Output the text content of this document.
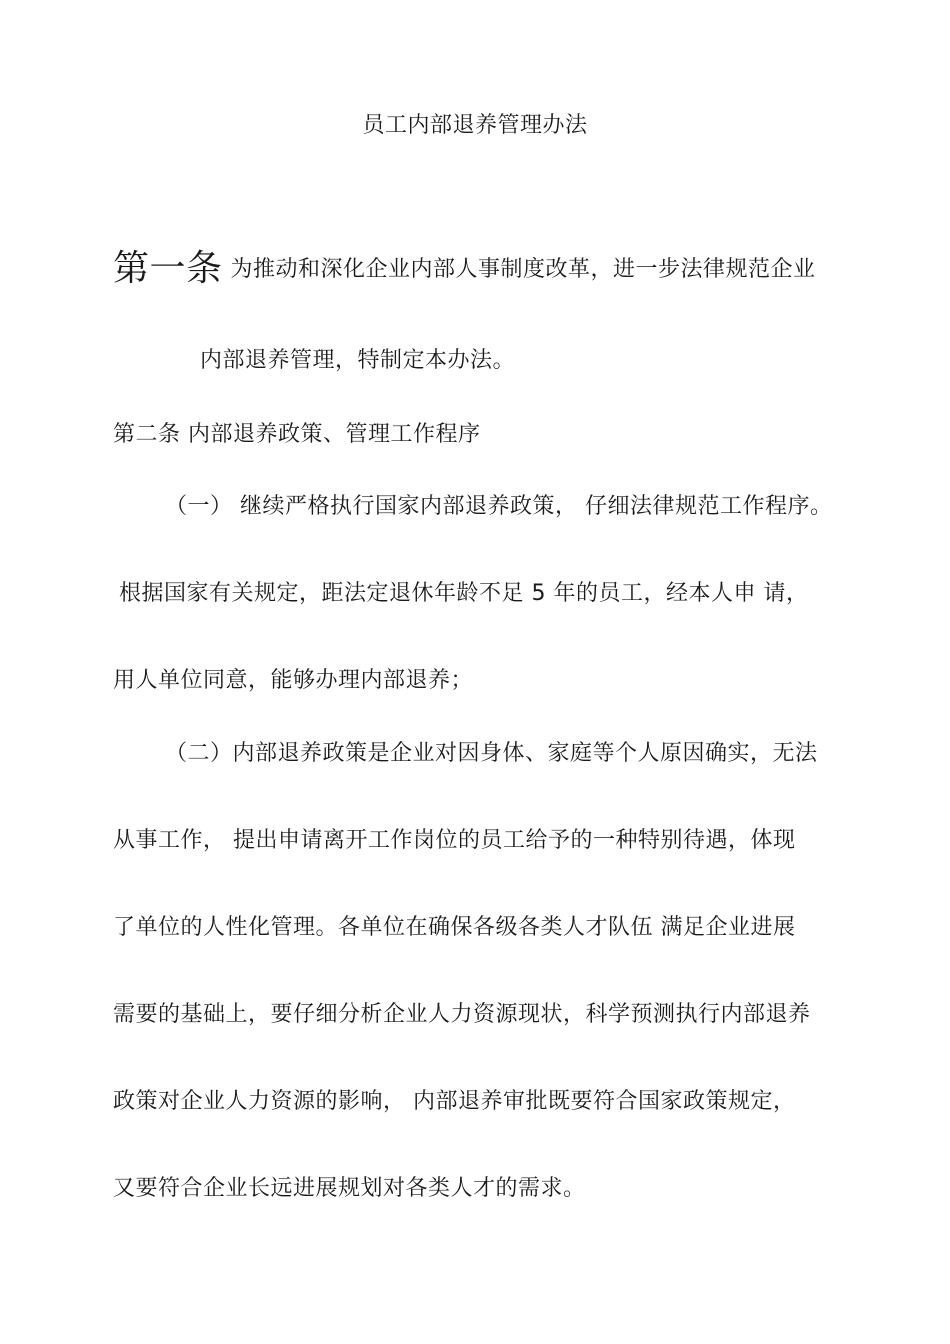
员工内部退养管理办法
第一条 为推动和深化企业内部人事制度改革，进一步法律规范企业
内部退养管理，特制定本办法。
第二条 内部退养政策、管理工作程序
（一） 继续严格执行国家内部退养政策， 仔细法律规范工作程序。
根据国家有关规定，距法定退休年龄不足 5 年的员工，经本人申 请，
用人单位同意，能够办理内部退养；
（二）内部退养政策是企业对因身体、家庭等个人原因确实，无法
从事工作， 提出申请离开工作岗位的员工给予的一种特别待遇，体现
了单位的人性化管理。各单位在确保各级各类人才队伍 满足企业进展
需要的基础上，要仔细分析企业人力资源现状，科学预测执行内部退养
政策对企业人力资源的影响， 内部退养审批既要符合国家政策规定，
又要符合企业长远进展规划对各类人才的需求。
